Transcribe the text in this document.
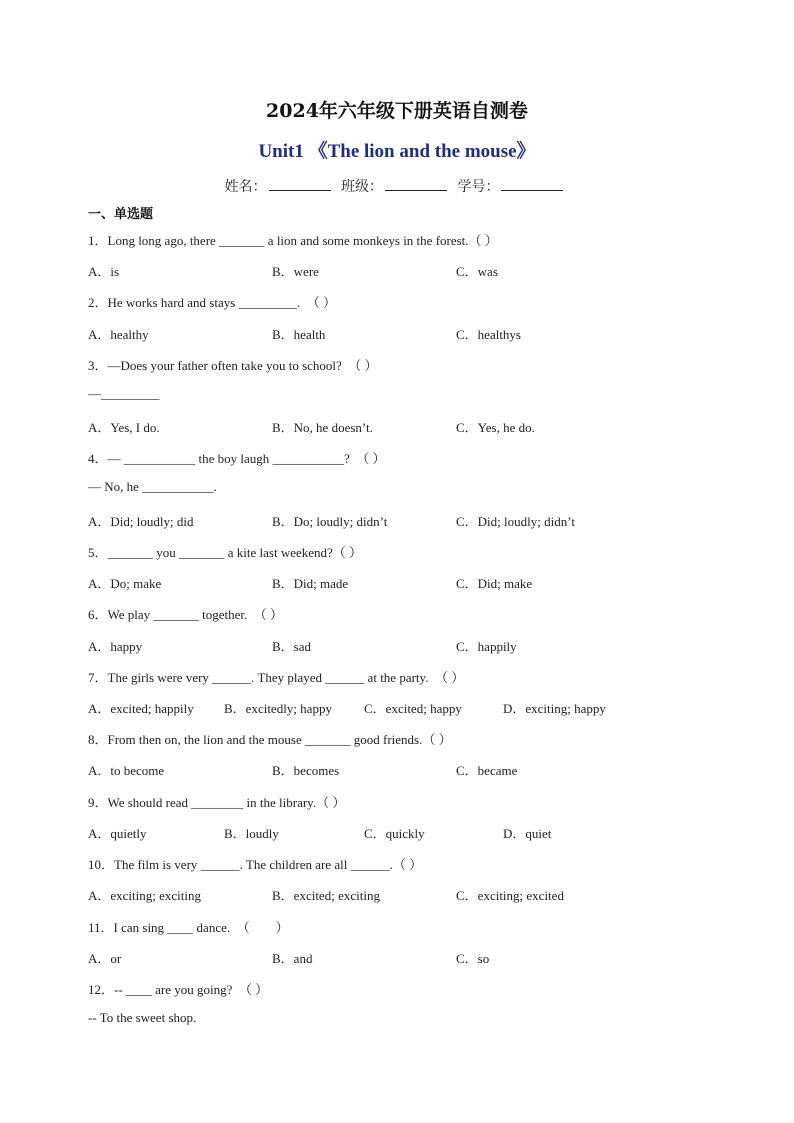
2024年六年级下册英语自测卷
Unit1 《The lion and the mouse》
姓名：	班级：	学号：
一、单选题
1．Long long ago, there _______ a lion and some monkeys in the forest.（ ）
A．is	B．were	C．was
2．He works hard and stays _________.　（ ）
A．healthy	B．health	C．healthys
3．—Does your father often take you to school?　（ ）
—_________
A．Yes, I do.	B．No, he doesn’t.	C．Yes, he do.
4．— ___________ the boy laugh ___________?　（ ）
— No, he ___________.
A．Did; loudly; did	B．Do; loudly; didn’t	C．Did; loudly; didn’t
5．_______ you _______ a kite last weekend?（ ）
A．Do; make	B．Did; made	C．Did; make
6．We play _______ together.　（ ）
A．happy	B．sad	C．happily
7．The girls were very ______. They played ______ at the party.　（ ）
A．excited; happily B．excitedly; happy C．excited; happy	D．exciting; happy
8．From then on, the lion and the mouse _______ good friends.（ ）
A．to become	B．becomes	C．became
9．We should read ________ in the library.（ ）
A．quietly	B．loudly	C．quickly	D．quiet
10．The film is very ______. The children are all ______.（ ）
A．exciting; exciting	B．excited; exciting	C．exciting; excited
11．I can sing ____ dance.　（　　）
A．or	B．and	C．so
12．-- ____ are you going?　（ ）
-- To the sweet shop.
